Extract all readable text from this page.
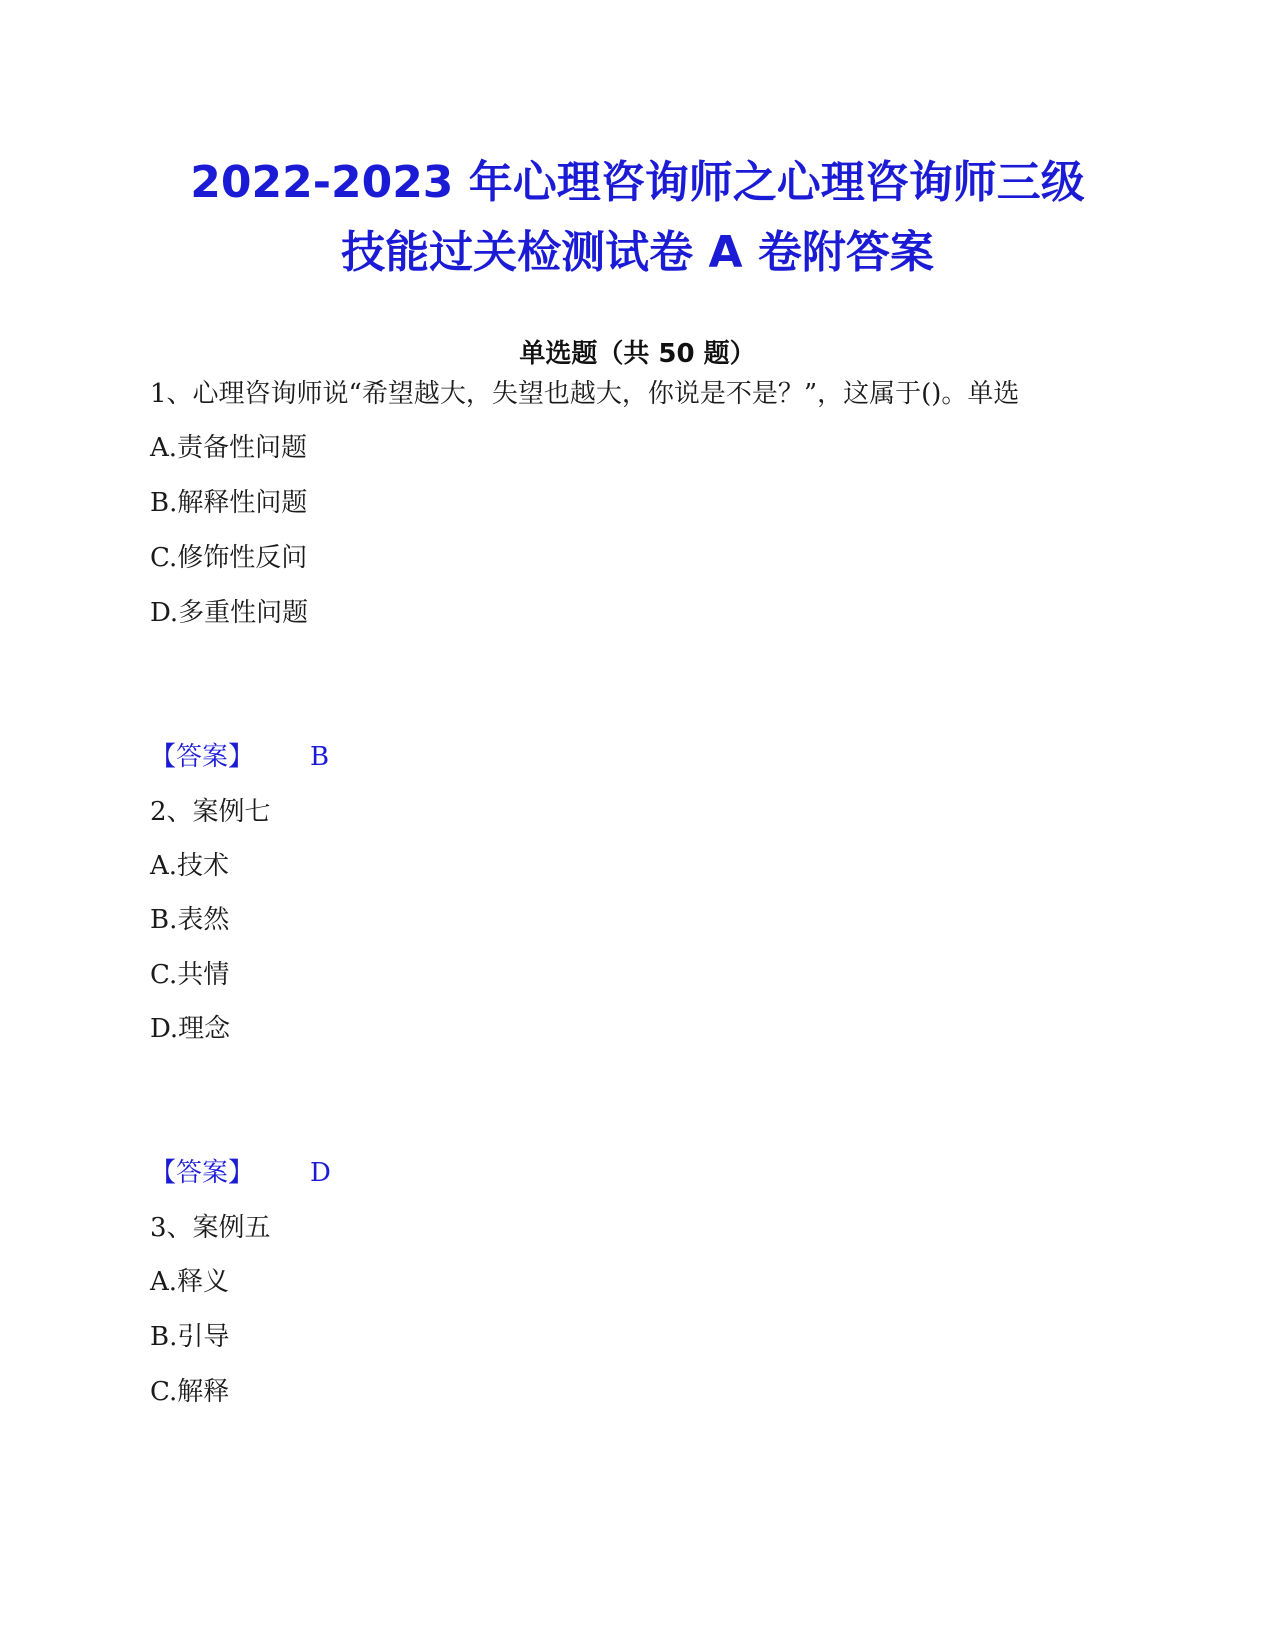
2022-2023 年心理咨询师之心理咨询师三级
技能过关检测试卷 A 卷附答案
单选题（共 50 题）
1、心理咨询师说“希望越大，失望也越大，你说是不是？”，这属于()。单选
A.责备性问题
B.解释性问题
C.修饰性反问
D.多重性问题
【答案】 B
2、案例七
A.技术
B.表然
C.共情
D.理念
【答案】 D
3、案例五
A.释义
B.引导
C.解释
